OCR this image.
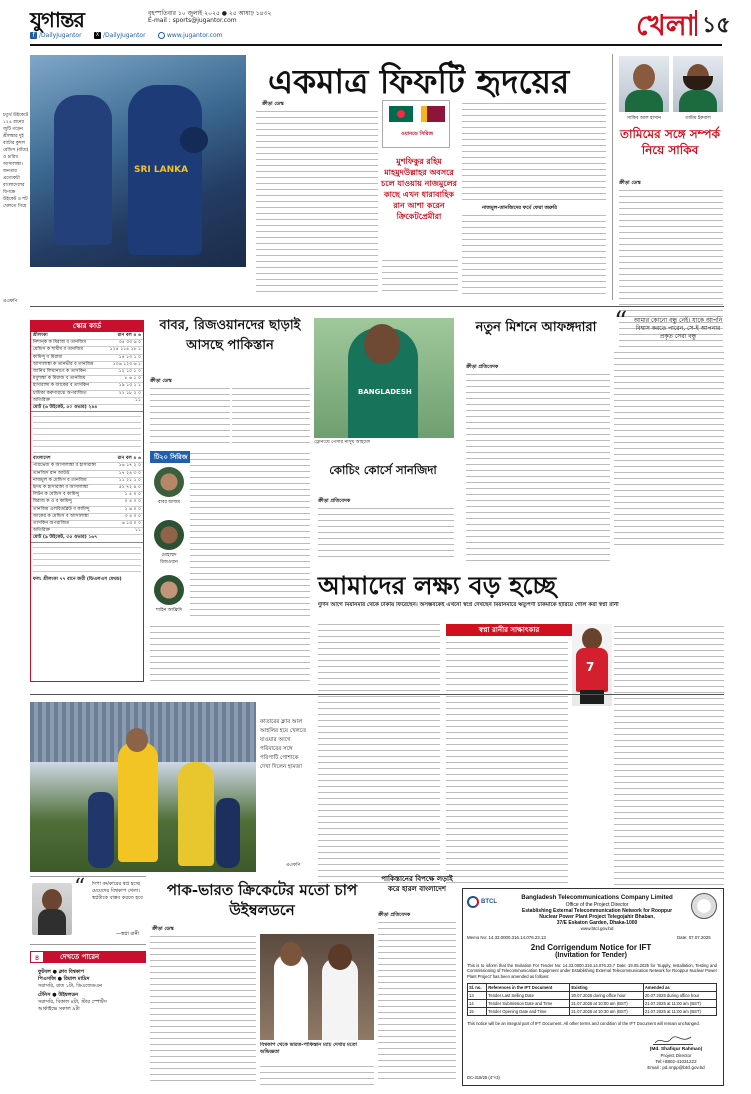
যুগান্তর	বৃহস্পতিবার ১০ জুলাই ২০২৫ ● ২৫ আষাঢ় ১৪৩২
E-mail : sports@jugantor.com
f /DailyJugantor	X /DailyJugantor	www.jugantor.com	খেলা ১৫
SRI LANKA
চতুর্থ উইকেটে ১২৪ রানের জুটি গড়েন শ্রীলঙ্কার দুই ব্যাটার কুশল মেন্ডিস (বাঁয়ে) ও চারিথ আসালাঙ্কা। জনতার প্রত্যেকটা বাংলাদেশের বিপক্ষে উইকেট ও শট খেলতে গিয়ে
এএফপি
একমাত্র ফিফটি হৃদয়ের
ক্রীড়া ডেস্ক
ওয়ানডে সিরিজ
মুশফিকুর রহিম মাহমুদউল্লাহর অবসরে চলে যাওয়ায় নাজমুলের কাছে এখন ধারাবাহিক রান আশা করেন ক্রিকেটপ্রেমীরা
নাজমুল-তানজিদের ফর্মে ফেরা জরুরি
সাকিব আল হাসান	তামিম ইকবাল
তামিমের সঙ্গে সম্পর্ক নিয়ে সাকিব
ক্রীড়া ডেস্ক
“ আমার কোনো বন্ধু নেই। যাকে আপনি বিশ্বাস করতে পারেন, সে-ই আপনার প্রকৃত সেরা বন্ধু
স্কোর কার্ড
শ্রীলংকা	রান বল ৪ ৬
নিশান্ক ক মিরাজ ব তানজিম	৩৫ ৩৩ ৬ ০
মেন্ডিস ক শামীম ব তানজিম	১২৪ ১১৪ ১৮ ১
কামিন্দু ব মিরাজ	১৪ ১৩ ১ ০
আসালাঙ্কা ক তানভীর ব তানজিম	১০৬ ১২৩ ৬ ১
জানিথ লিয়ানাগে ক তাসকিন	১২ ১০ ১ ০
মধুশাঙ্কা ক মিরাজ ব তানজিম	৮ ৬ ১ ০
হাসারাঙ্গা ক জাকের ব তাসকিন	১৯ ১৩ ১ ১
চামিকা করুণারত্নে অপরাজিত	২২ ১৮ ২ ০
অতিরিক্ত	১১
মোট (৬ উইকেট, ৫০ ওভার) ২৪৪
বাংলাদেশ	রান বল ৪ ৬
পারভেজ ক আসালাঙ্কা ব হাসারাঙ্গা	১৬ ১৭ ২ ০
তানজিদ রান আউট	১৭ ২৪ ৩ ০
নাজমুল ক মেন্ডিস ব তানজিম	১১ ২১ ১ ০
হৃদয় ক হাসারাঙ্গা ব আসালাঙ্কা	৫১ ৭২ ৪ ০
লিটন ক মেন্ডিস ব কামিন্দু	১ ৫ ০ ০
মিরাজ ক ও ব কামিন্দু	০ ৪ ০ ০
তানজিম এলবিডব্লিউ ব কামিন্দু	১ ৬ ০ ০
জাকের ক মেন্ডিস ব আসালাঙ্কা	৩ ৪ ০ ০
তাসকিন অপরাজিত	৬ ১৩ ০ ০
অতিরিক্ত	১১
মোট (৯ উইকেট, ৩৫ ওভার) ১৬৭
ফল: শ্রীলংকা ৭৭ রানে জয়ী (ডিএলএস মেথড)
বাবর, রিজওয়ানদের ছাড়াই আসছে পাকিস্তান
ক্রীড়া ডেস্ক
টি২০ সিরিজ
বাবর আজম
মোহাম্মদ রিজওয়ান
শাহিন আফ্রিদি
BANGLADESH
ট্রেনিংয়ে পেসার নাসুম আহমেদ
কোচিং কোর্সে সানজিদা
ক্রীড়া প্রতিবেদক
নতুন মিশনে আফঙ্গদারা
ক্রীড়া প্রতিবেদক
আমাদের লক্ষ্য বড় হচ্ছে
দুর্দিন আগে মিয়ানমার থেকে ঢাকায় ফিরেছেন। অসম্ভবকেই এখনো স্বপ্নে দেখছেন মিয়ানমারে ঋতুপর্ণা চাকমাকে হারিয়ে গোল করা স্বপ্না রানী
স্বপ্না রানীর সাক্ষাৎকার
7
কাতারের ক্লাব আল আহলির হয়ে খেলতে যাওয়ার আগে পরিবারের সঙ্গে পরিপাটি পোশাকে দেখা দিলেন হামজা
এএফপি
“ দিপা কর্মকারের স্বপ্ন হচ্ছে মেয়েদের বিশ্বকাপ খেলা। স্বপ্নটাকে বাস্তব করতে হবে
—স্বপ্না রানী
৪	দেখতে পারেন
ফুটবল ● ক্লাব বিশ্বকাপ
পিএসজি ● রিয়াল মাদ্রিদ
সরাসরি, রাত ১টা, ডিএজেডএন
টেনিস ● উইম্বলডন
সরাসরি, বিকাল ৪টা, স্টার স্পোর্টস
আর্কাইভে সকাল ৯টা
পাক-ভারত ক্রিকেটের মতো চাপ উইম্বলডনে
ক্রীড়া ডেস্ক
বিশ্বকাপ থেকে ভারত-পাকিস্তান ম্যাচ দেখার মতো অভিজ্ঞতা
পাকিস্তানের বিপক্ষে লড়াই করে হারল বাংলাদেশ
ক্রীড়া প্রতিবেদক
BTCL
Bangladesh Telecommunications Company Limited
Office of the Project Director
Establishing External Telecommunication Network for Rooppur
Nuclear Power Plant Project Telegojahir Bhaban,
37/E Eskaton Garden, Dhaka-1000
www.btcl.gov.bd
Memo No: 14.33.0000.316.14.076.23.13	Date: 07.07.2025
2nd Corrigendum Notice for IFT
(Invitation for Tender)
This is to inform that the Invitation For Tender No: 14.33.0000.316.14.076.23.7 Date: 19.05.2025 for 'Supply, Installation, Testing and Commissioning of Telecommunication Equipment under Establishing External Telecommunication Network for Rooppur Nuclear Power Plant Project' has been amended as follows:
Sl. no.	References in the IFT Document	Existing	Amended as
13	Tender Last Selling Date	20.07.2025 during office hour	20.07.2025 during office hour
14	Tender Submission Date and Time	21.07.2025 at 10:00 am (BST)	21.07.2025 at 11:00 am (BST)
15	Tender Opening Date and Time	21.07.2025 at 10:30 am (BST)	21.07.2025 at 11:00 am (BST)
This notice will be an integral part of IFT Document. All other terms and condition of the IFT Document will remain unchanged.
(Md. Shafiqur Rahman)
Project Director
Tel:+8802-41031222
Email : pd.nnpp@btcl.gov.bd
DC-318/25 (4"×3)
